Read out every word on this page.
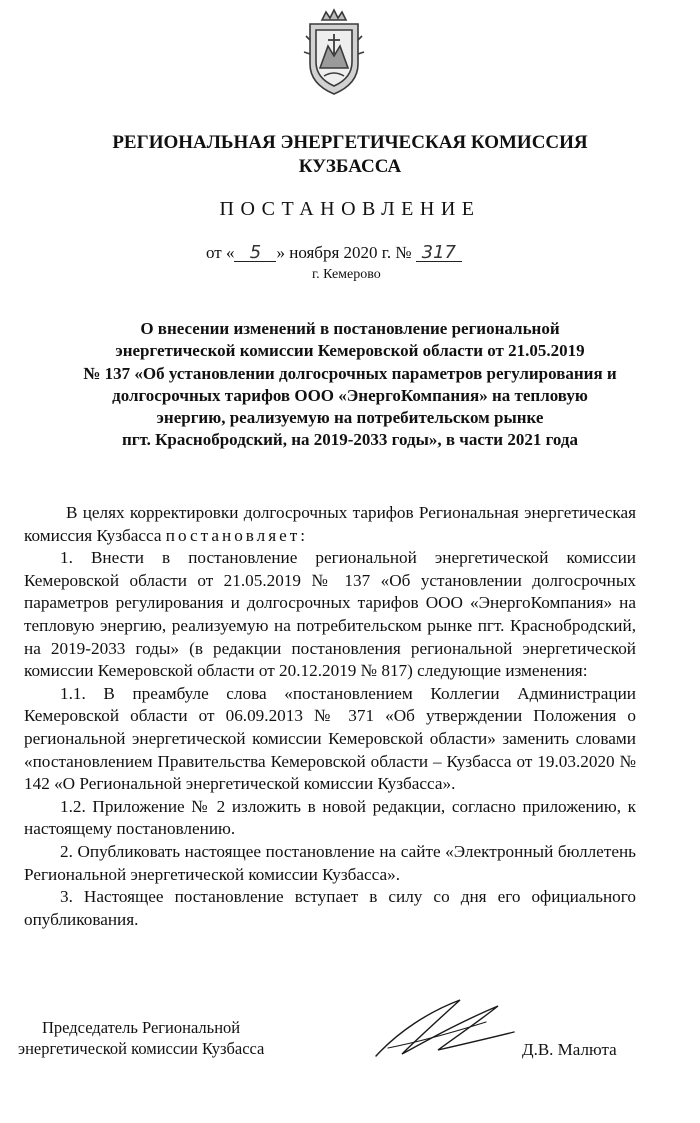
РЕГИОНАЛЬНАЯ ЭНЕРГЕТИЧЕСКАЯ КОМИССИЯ
КУЗБАССА
ПОСТАНОВЛЕНИЕ
от « 5 » ноября 2020 г. № 317
г. Кемерово
О внесении изменений в постановление региональной
энергетической комиссии Кемеровской области от 21.05.2019
№ 137 «Об установлении долгосрочных параметров регулирования и
долгосрочных тарифов ООО «ЭнергоКомпания» на тепловую
энергию, реализуемую на потребительском рынке
пгт. Краснобродский, на 2019-2033 годы», в части 2021 года

В целях корректировки долгосрочных тарифов Региональная энергетическая комиссия Кузбасса постановляет:

1. Внести в постановление региональной энергетической комиссии Кемеровской области от 21.05.2019 № 137 «Об установлении долгосрочных параметров регулирования и долгосрочных тарифов ООО «ЭнергоКомпания» на тепловую энергию, реализуемую на потребительском рынке пгт. Краснобродский, на 2019-2033 годы» (в редакции постановления региональной энергетической комиссии Кемеровской области от 20.12.2019 № 817) следующие изменения:

1.1. В преамбуле слова «постановлением Коллегии Администрации Кемеровской области от 06.09.2013 № 371 «Об утверждении Положения о региональной энергетической комиссии Кемеровской области» заменить словами «постановлением Правительства Кемеровской области – Кузбасса от 19.03.2020 № 142 «О Региональной энергетической комиссии Кузбасса».

1.2. Приложение № 2 изложить в новой редакции, согласно приложению, к настоящему постановлению.

2. Опубликовать настоящее постановление на сайте «Электронный бюллетень Региональной энергетической комиссии Кузбасса».

3. Настоящее постановление вступает в силу со дня его официального опубликования.

Председатель Региональной
энергетической комиссии Кузбасса	Д.В. Малюта
